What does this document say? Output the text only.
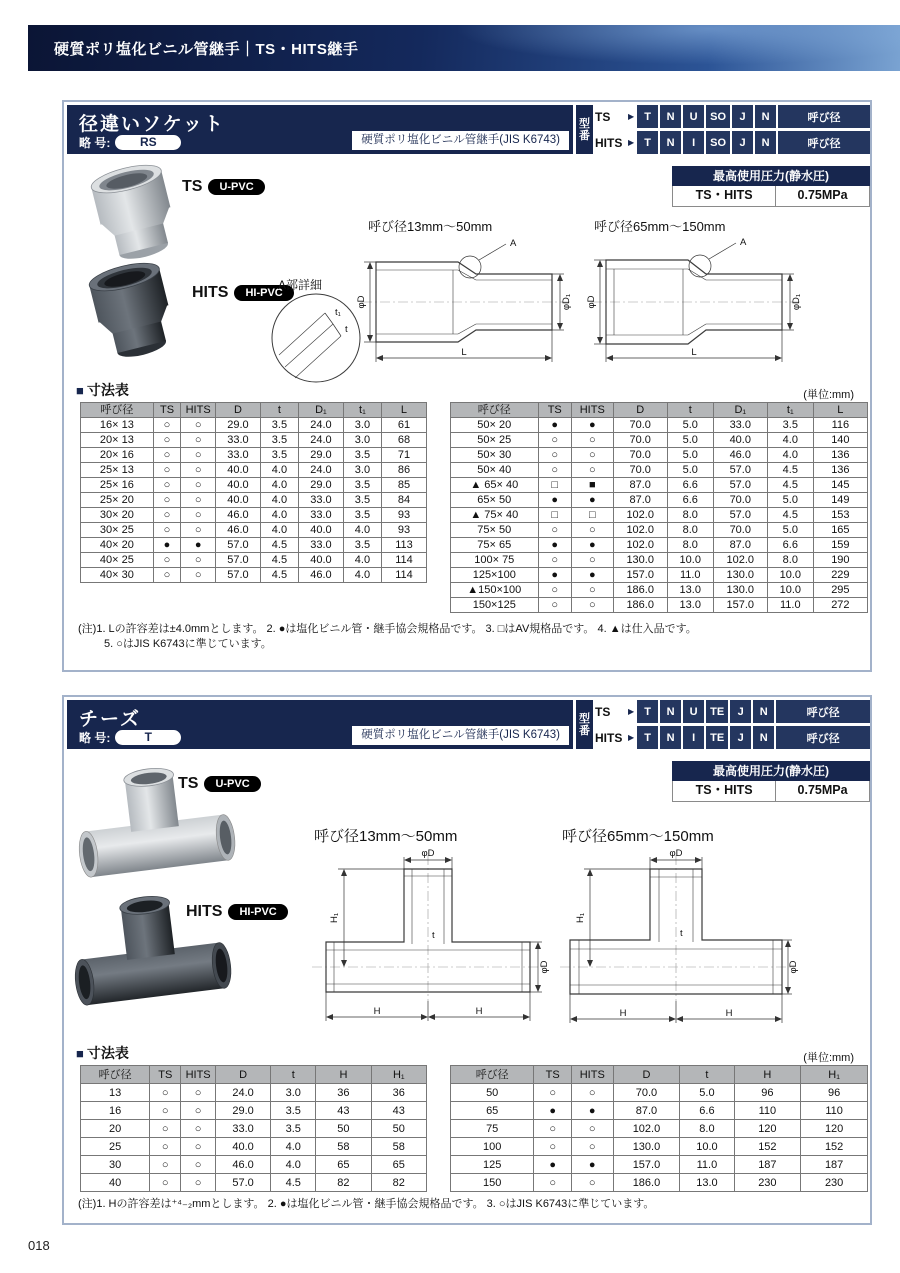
硬質ポリ塩化ビニル管継手｜TS・HITS継手
径違いソケット
略 号:	RS	硬質ポリ塩化ビニル管継手(JIS K6743)
型
番
TS	▶ T	N	U	SO	J	N	呼び径
HITS ▶ T	N	I	SO	J	N	呼び径
最高使用圧力(静水圧)
TS・HITS	0.75MPa
TS	U-PVC
HITS	HI-PVC
A部詳細
t₁
t
呼び径13mm〜50mm
A
φD	φD₁
L
呼び径65mm〜150mm
A
φD	φD₁
L
■ 寸法表	(単位:mm)
呼び径	TS	HITS	D	t	D₁	t₁	L
16× 13	○	○	29.0	3.5	24.0	3.0	61
20× 13	○	○	33.0	3.5	24.0	3.0	68
20× 16	○	○	33.0	3.5	29.0	3.5	71
25× 13	○	○	40.0	4.0	24.0	3.0	86
25× 16	○	○	40.0	4.0	29.0	3.5	85
25× 20	○	○	40.0	4.0	33.0	3.5	84
30× 20	○	○	46.0	4.0	33.0	3.5	93
30× 25	○	○	46.0	4.0	40.0	4.0	93
40× 20	●	●	57.0	4.5	33.0	3.5	113
40× 25	○	○	57.0	4.5	40.0	4.0	114
40× 30	○	○	57.0	4.5	46.0	4.0	114
呼び径	TS	HITS	D	t	D₁	t₁	L
50× 20	●	●	70.0	5.0	33.0	3.5	116
50× 25	○	○	70.0	5.0	40.0	4.0	140
50× 30	○	○	70.0	5.0	46.0	4.0	136
50× 40	○	○	70.0	5.0	57.0	4.5	136
▲ 65× 40	□	■	87.0	6.6	57.0	4.5	145
65× 50	●	●	87.0	6.6	70.0	5.0	149
▲ 75× 40	□	□	102.0	8.0	57.0	4.5	153
75× 50	○	○	102.0	8.0	70.0	5.0	165
75× 65	●	●	102.0	8.0	87.0	6.6	159
100× 75	○	○	130.0	10.0	102.0	8.0	190
125×100	●	●	157.0	11.0	130.0	10.0	229
▲150×100	○	○	186.0	13.0	130.0	10.0	295
150×125	○	○	186.0	13.0	157.0	11.0	272
(注)1. Lの許容差は±4.0mmとします。 2. ●は塩化ビニル管・継手協会規格品です。 3. □はAV規格品です。 4. ▲は仕入品です。
5. ○はJIS K6743に準じています。
チーズ
略 号:	T	硬質ポリ塩化ビニル管継手(JIS K6743)
型
番
TS	▶ T	N	U	TE	J	N	呼び径
HITS ▶ T	N	I	TE	J	N	呼び径
最高使用圧力(静水圧)
TS・HITS	0.75MPa
TS	U-PVC
HITS	HI-PVC
呼び径13mm〜50mm
φD
H₁
φD
H	H
t
呼び径65mm〜150mm
φD
H₁
φD
H	H
t
■ 寸法表	(単位:mm)
呼び径	TS	HITS	D	t	H	H₁
13	○	○	24.0	3.0	36	36
16	○	○	29.0	3.5	43	43
20	○	○	33.0	3.5	50	50
25	○	○	40.0	4.0	58	58
30	○	○	46.0	4.0	65	65
40	○	○	57.0	4.5	82	82
呼び径	TS	HITS	D	t	H	H₁
50	○	○	70.0	5.0	96	96
65	●	●	87.0	6.6	110	110
75	○	○	102.0	8.0	120	120
100	○	○	130.0	10.0	152	152
125	●	●	157.0	11.0	187	187
150	○	○	186.0	13.0	230	230
(注)1. Hの許容差は⁺⁴₋₂mmとします。 2. ●は塩化ビニル管・継手協会規格品です。 3. ○はJIS K6743に準じています。
018
